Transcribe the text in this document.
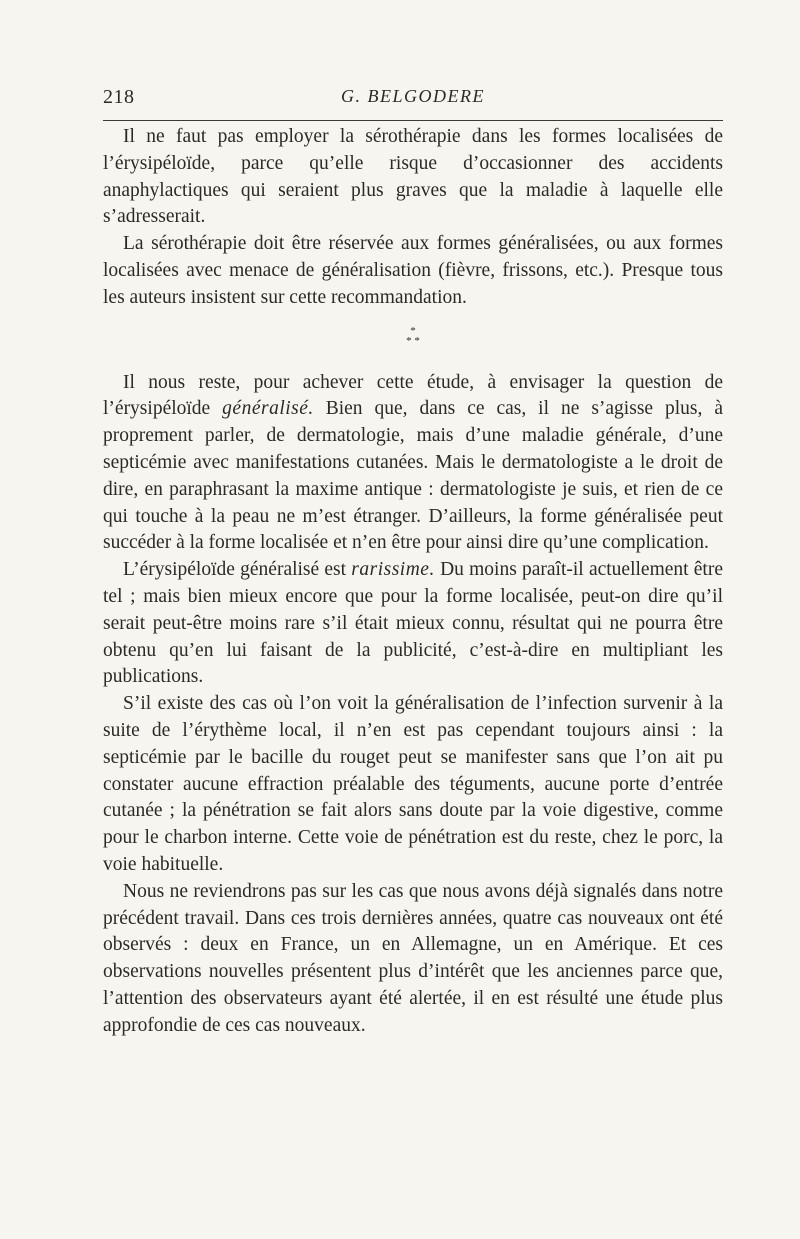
218	G. BELGODERE

Il ne faut pas employer la sérothérapie dans les formes localisées de l’érysipéloïde, parce qu’elle risque d’occasionner des accidents anaphylactiques qui seraient plus graves que la maladie à laquelle elle s’adresserait.

La sérothérapie doit être réservée aux formes généralisées, ou aux formes localisées avec menace de généralisation (fièvre, frissons, etc.). Presque tous les auteurs insistent sur cette recommandation.

*
* *

Il nous reste, pour achever cette étude, à envisager la question de l’érysipéloïde généralisé. Bien que, dans ce cas, il ne s’agisse plus, à proprement parler, de dermatologie, mais d’une maladie générale, d’une septicémie avec manifestations cutanées. Mais le dermatologiste a le droit de dire, en paraphrasant la maxime antique : dermatologiste je suis, et rien de ce qui touche à la peau ne m’est étranger. D’ailleurs, la forme généralisée peut succéder à la forme localisée et n’en être pour ainsi dire qu’une complication.

L’érysipéloïde généralisé est rarissime. Du moins paraît-il actuellement être tel ; mais bien mieux encore que pour la forme localisée, peut-on dire qu’il serait peut-être moins rare s’il était mieux connu, résultat qui ne pourra être obtenu qu’en lui faisant de la publicité, c’est-à-dire en multipliant les publications.

S’il existe des cas où l’on voit la généralisation de l’infection survenir à la suite de l’érythème local, il n’en est pas cependant toujours ainsi : la septicémie par le bacille du rouget peut se manifester sans que l’on ait pu constater aucune effraction préalable des téguments, aucune porte d’entrée cutanée ; la pénétration se fait alors sans doute par la voie digestive, comme pour le charbon interne. Cette voie de pénétration est du reste, chez le porc, la voie habituelle.

Nous ne reviendrons pas sur les cas que nous avons déjà signalés dans notre précédent travail. Dans ces trois dernières années, quatre cas nouveaux ont été observés : deux en France, un en Allemagne, un en Amérique. Et ces observations nouvelles présentent plus d’intérêt que les anciennes parce que, l’attention des observateurs ayant été alertée, il en est résulté une étude plus approfondie de ces cas nouveaux.
